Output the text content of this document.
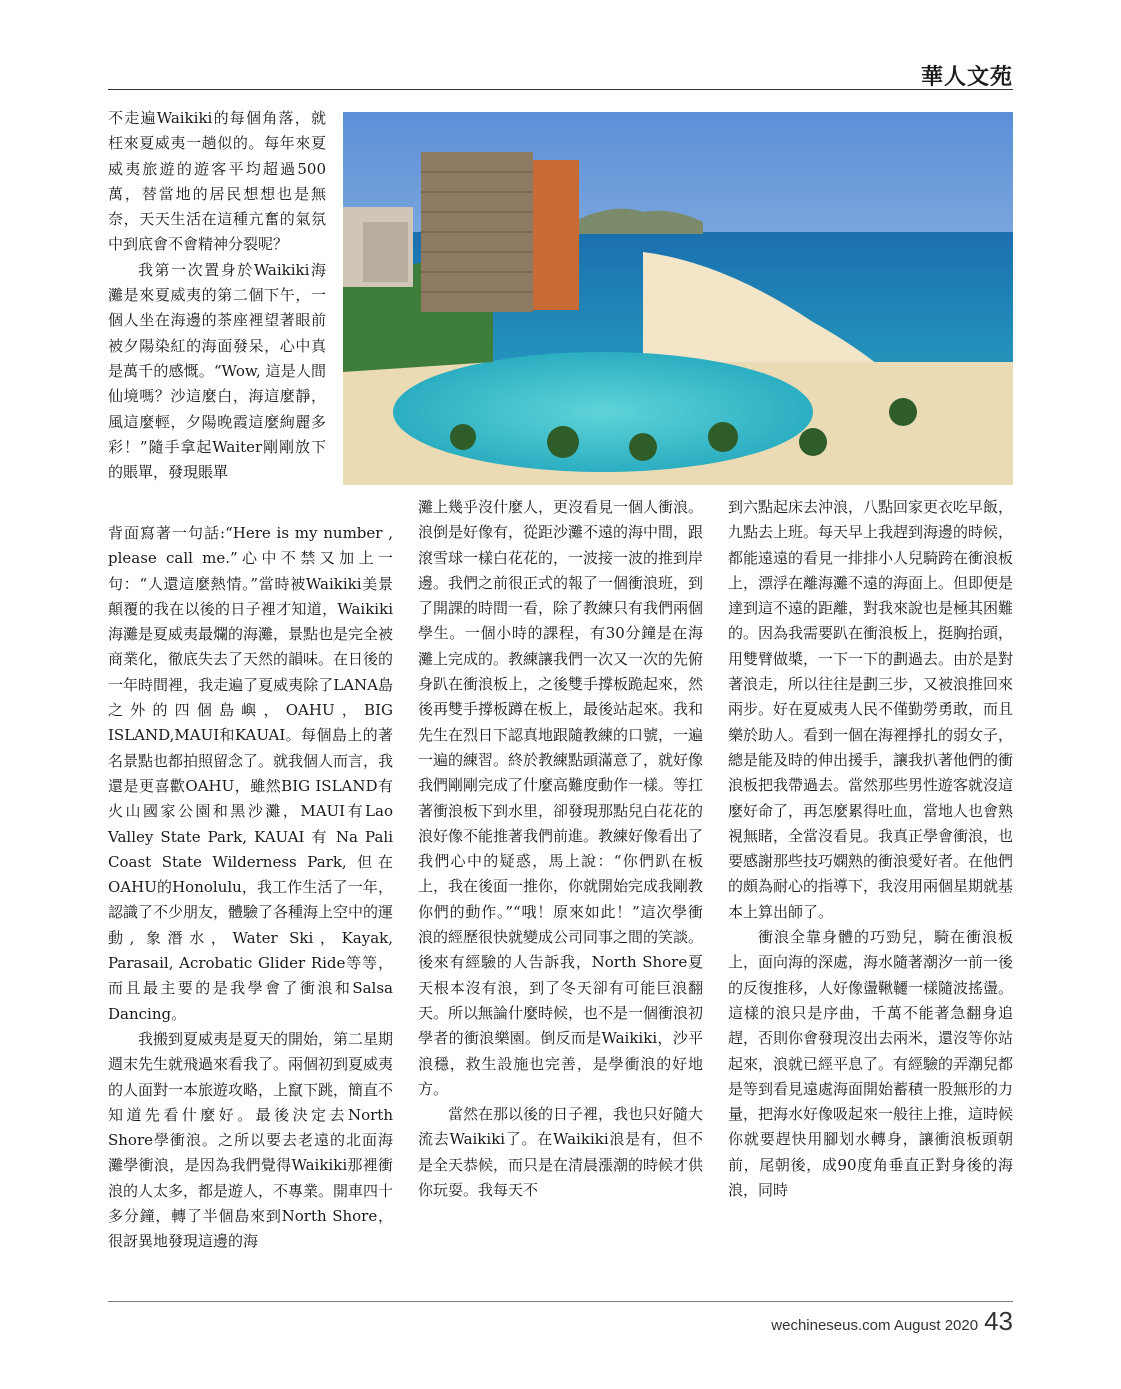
華人文苑

不走遍Waikiki的每個角落，就枉來夏威夷一趟似的。每年來夏威夷旅遊的遊客平均超過500萬，替當地的居民想想也是無奈，天天生活在這種亢奮的氣氛中到底會不會精神分裂呢？

我第一次置身於Waikiki海灘是來夏威夷的第二個下午，一個人坐在海邊的茶座裡望著眼前被夕陽染紅的海面發呆，心中真是萬千的感慨。“Wow, 這是人間仙境嗎？沙這麼白，海這麼靜，風這麼輕，夕陽晚霞這麼絢麗多彩！”隨手拿起Waiter剛剛放下的賬單，發現賬單

背面寫著一句話:“Here is my number , please call me.”心中不禁又加上一句：“人還這麼熱情。”當時被Waikiki美景顛覆的我在以後的日子裡才知道，Waikiki海灘是夏威夷最爛的海灘，景點也是完全被商業化，徹底失去了天然的韻味。在日後的一年時間裡，我走遍了夏威夷除了LANA島之外的四個島嶼，OAHU，BIG ISLAND,MAUI和KAUAI。每個島上的著名景點也都拍照留念了。就我個人而言，我還是更喜歡OAHU，雖然BIG ISLAND有火山國家公園和黑沙灘，MAUI有Lao Valley State Park, KAUAI 有 Na Pali Coast State Wilderness Park, 但在OAHU的Honolulu，我工作生活了一年，認識了不少朋友，體驗了各種海上空中的運動, 象潛水，Water Ski，Kayak, Parasail, Acrobatic Glider Ride等等，而且最主要的是我學會了衝浪和Salsa Dancing。

我搬到夏威夷是夏天的開始，第二星期週末先生就飛過來看我了。兩個初到夏威夷的人面對一本旅遊攻略，上竄下跳，簡直不知道先看什麼好。最後決定去North Shore學衝浪。之所以要去老遠的北面海灘學衝浪，是因為我們覺得Waikiki那裡衝浪的人太多，都是遊人，不專業。開車四十多分鐘，轉了半個島來到North Shore，很訝異地發現這邊的海

灘上幾乎沒什麼人，更沒看見一個人衝浪。浪倒是好像有，從距沙灘不遠的海中間，跟滾雪球一樣白花花的，一波接一波的推到岸邊。我們之前很正式的報了一個衝浪班，到了開課的時間一看，除了教練只有我們兩個學生。一個小時的課程，有30分鐘是在海灘上完成的。教練讓我們一次又一次的先俯身趴在衝浪板上，之後雙手撐板跪起來，然後再雙手撐板蹲在板上，最後站起來。我和先生在烈日下認真地跟隨教練的口號，一遍一遍的練習。終於教練點頭滿意了，就好像我們剛剛完成了什麼高難度動作一樣。等扛著衝浪板下到水里，卻發現那點兒白花花的浪好像不能推著我們前進。教練好像看出了我們心中的疑惑，馬上說：“你們趴在板上，我在後面一推你，你就開始完成我剛教你們的動作。”“哦！原來如此！”這次學衝浪的經歷很快就變成公司同事之間的笑談。後來有經驗的人告訴我，North Shore夏天根本沒有浪，到了冬天卻有可能巨浪翻天。所以無論什麼時候，也不是一個衝浪初學者的衝浪樂園。倒反而是Waikiki，沙平浪穩，救生設施也完善，是學衝浪的好地方。

當然在那以後的日子裡，我也只好隨大流去Waikiki了。在Waikiki浪是有，但不是全天恭候，而只是在清晨漲潮的時候才供你玩耍。我每天不

到六點起床去沖浪，八點回家更衣吃早飯，九點去上班。每天早上我趕到海邊的時候，都能遠遠的看見一排排小人兒騎跨在衝浪板上，漂浮在離海灘不遠的海面上。但即便是達到這不遠的距離，對我來說也是極其困難的。因為我需要趴在衝浪板上，挺胸抬頭，用雙臂做槳，一下一下的劃過去。由於是對著浪走，所以往往是劃三步，又被浪推回來兩步。好在夏威夷人民不僅勤勞勇敢，而且樂於助人。看到一個在海裡掙扎的弱女子，總是能及時的伸出援手，讓我扒著他們的衝浪板把我帶過去。當然那些男性遊客就沒這麼好命了，再怎麼累得吐血，當地人也會熟視無睹，全當沒看見。我真正學會衝浪，也要感謝那些技巧嫻熟的衝浪愛好者。在他們的頗為耐心的指導下，我沒用兩個星期就基本上算出師了。

衝浪全靠身體的巧勁兒，騎在衝浪板上，面向海的深處，海水隨著潮汐一前一後的反復推移，人好像盪鞦韆一樣隨波搖盪。這樣的浪只是序曲，千萬不能著急翻身追趕，否則你會發現沒出去兩米，還沒等你站起來，浪就已經平息了。有經驗的弄潮兒都是等到看見遠處海面開始蓄積一股無形的力量，把海水好像吸起來一般往上推，這時候你就要趕快用腳划水轉身，讓衝浪板頭朝前，尾朝後，成90度角垂直正對身後的海浪，同時

wechineseus.com August 2020 43
